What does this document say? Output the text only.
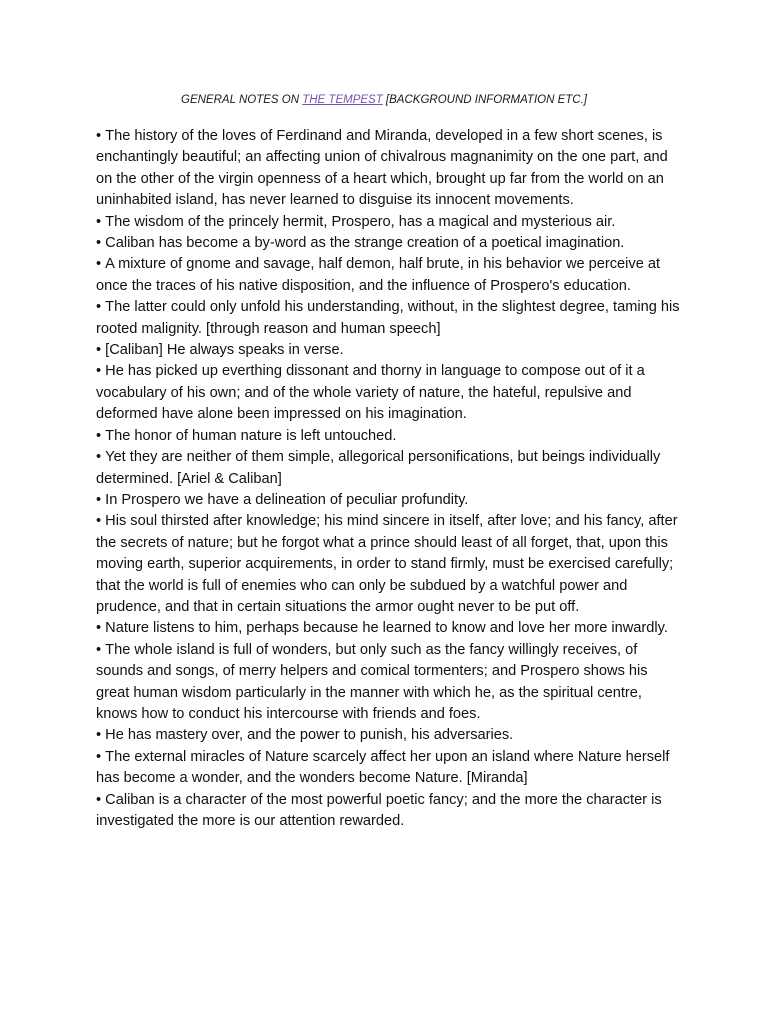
GENERAL NOTES ON THE TEMPEST [BACKGROUND INFORMATION ETC.]
• The history of the loves of Ferdinand and Miranda, developed in a few short scenes, is enchantingly beautiful; an affecting union of chivalrous magnanimity on the one part, and on the other of the virgin openness of a heart which, brought up far from the world on an uninhabited island, has never learned to disguise its innocent movements.
• The wisdom of the princely hermit, Prospero, has a magical and mysterious air.
• Caliban has become a by-word as the strange creation of a poetical imagination.
• A mixture of gnome and savage, half demon, half brute, in his behavior we perceive at once the traces of his native disposition, and the influence of Prospero's education.
• The latter could only unfold his understanding, without, in the slightest degree, taming his rooted malignity. [through reason and human speech]
• [Caliban] He always speaks in verse.
• He has picked up everthing dissonant and thorny in language to compose out of it a vocabulary of his own; and of the whole variety of nature, the hateful, repulsive and deformed have alone been impressed on his imagination.
• The honor of human nature is left untouched.
• Yet they are neither of them simple, allegorical personifications, but beings individually determined. [Ariel & Caliban]
• In Prospero we have a delineation of peculiar profundity.
• His soul thirsted after knowledge; his mind sincere in itself, after love; and his fancy, after the secrets of nature; but he forgot what a prince should least of all forget, that, upon this moving earth, superior acquirements, in order to stand firmly, must be exercised carefully; that the world is full of enemies who can only be subdued by a watchful power and prudence, and that in certain situations the armor ought never to be put off.
• Nature listens to him, perhaps because he learned to know and love her more inwardly.
• The whole island is full of wonders, but only such as the fancy willingly receives, of sounds and songs, of merry helpers and comical tormenters; and Prospero shows his great human wisdom particularly in the manner with which he, as the spiritual centre, knows how to conduct his intercourse with friends and foes.
• He has mastery over, and the power to punish, his adversaries.
• The external miracles of Nature scarcely affect her upon an island where Nature herself has become a wonder, and the wonders become Nature. [Miranda]
• Caliban is a character of the most powerful poetic fancy; and the more the character is investigated the more is our attention rewarded.
